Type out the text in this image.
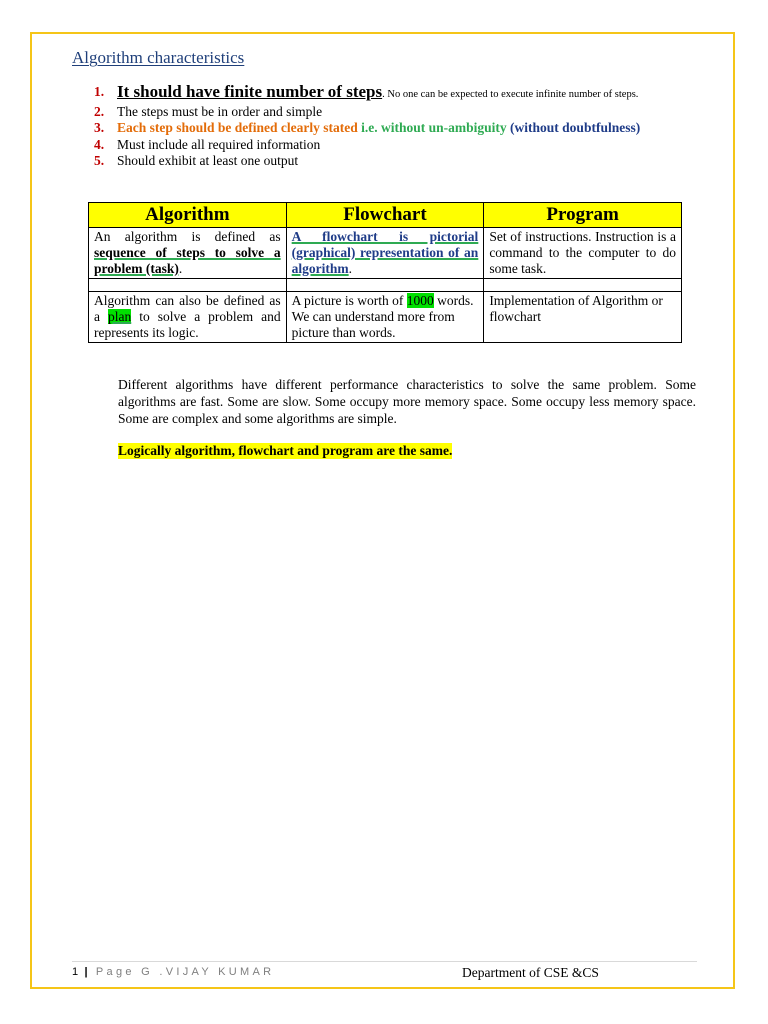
Algorithm characteristics
1. It should have finite number of steps. No one can be expected to execute infinite number of steps.
2. The steps must be in order and simple
3. Each step should be defined clearly stated i.e. without un-ambiguity (without doubtfulness)
4. Must include all required information
5. Should exhibit at least one output
Algorithm	Flowchart	Program
An algorithm is defined as sequence of steps to solve a problem (task).	A flowchart is pictorial (graphical) representation of an algorithm.	Set of instructions. Instruction is a command to the computer to do some task.

Algorithm can also be defined as a plan to solve a problem and represents its logic.	A picture is worth of 1000 words. We can understand more from picture than words.	Implementation of Algorithm or flowchart
Different algorithms have different performance characteristics to solve the same problem. Some algorithms are fast. Some are slow. Some occupy more memory space. Some occupy less memory space. Some are complex and some algorithms are simple.
Logically algorithm, flowchart and program are the same.
1 | Page G .VIJAY KUMAR	Department of CSE &CS
